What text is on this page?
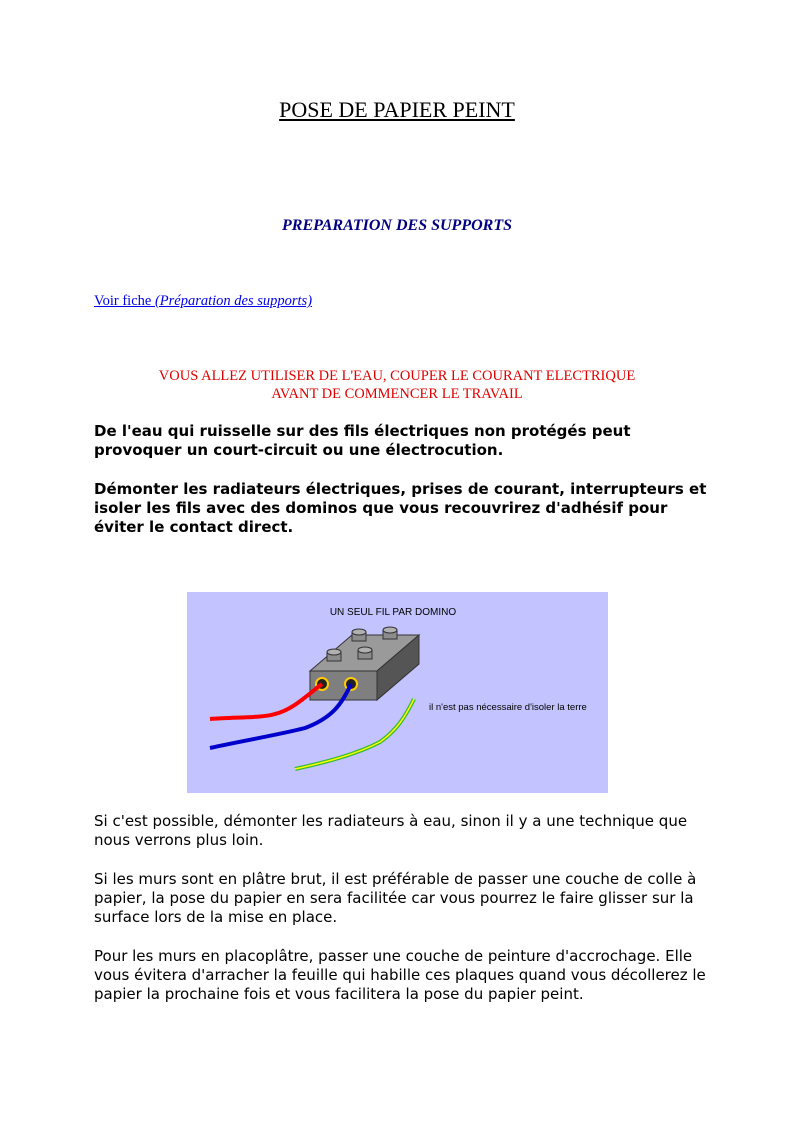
POSE DE PAPIER PEINT
PREPARATION DES SUPPORTS
Voir fiche (Préparation des supports)
VOUS ALLEZ UTILISER DE L'EAU, COUPER LE COURANT ELECTRIQUE
AVANT DE COMMENCER LE TRAVAIL
De l'eau qui ruisselle sur des fils électriques non protégés peut provoquer un court-circuit ou une électrocution.
Démonter les radiateurs électriques, prises de courant, interrupteurs et isoler les fils avec des dominos que vous recouvrirez d'adhésif pour éviter le contact direct.
UN SEUL FIL PAR DOMINO
il n'est pas nécessaire d'isoler la terre
Si c'est possible, démonter les radiateurs à eau, sinon il y a une technique que nous verrons plus loin.
Si les murs sont en plâtre brut, il est préférable de passer une couche de colle à papier, la pose du papier en sera facilitée car vous pourrez le faire glisser sur la surface lors de la mise en place.
Pour les murs en placoplâtre, passer une couche de peinture d'accrochage. Elle vous évitera d'arracher la feuille qui habille ces plaques quand vous décollerez le papier la prochaine fois et vous facilitera la pose du papier peint.
